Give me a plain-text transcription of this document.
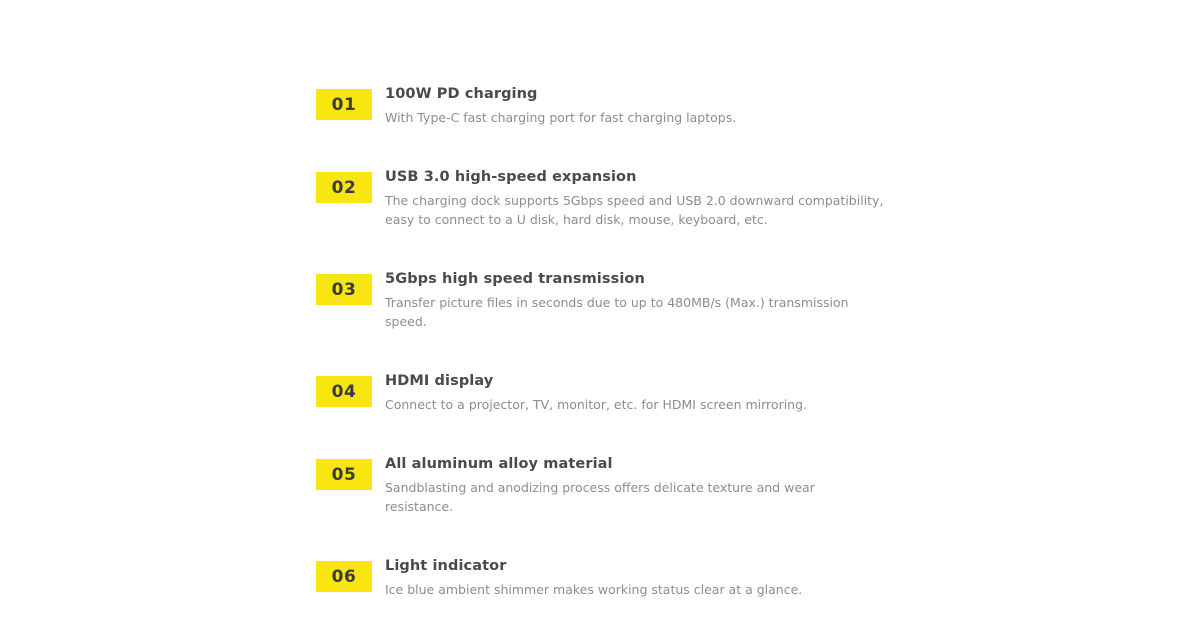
01
100W PD charging
With Type-C fast charging port for fast charging laptops.
02
USB 3.0 high-speed expansion
The charging dock supports 5Gbps speed and USB 2.0 downward compatibility,
easy to connect to a U disk, hard disk, mouse, keyboard, etc.
03
5Gbps high speed transmission
Transfer picture files in seconds due to up to 480MB/s (Max.) transmission speed.
04
HDMI display
Connect to a projector, TV, monitor, etc. for HDMI screen mirroring.
05
All aluminum alloy material
Sandblasting and anodizing process offers delicate texture and wear resistance.
06
Light indicator
Ice blue ambient shimmer makes working status clear at a glance.
